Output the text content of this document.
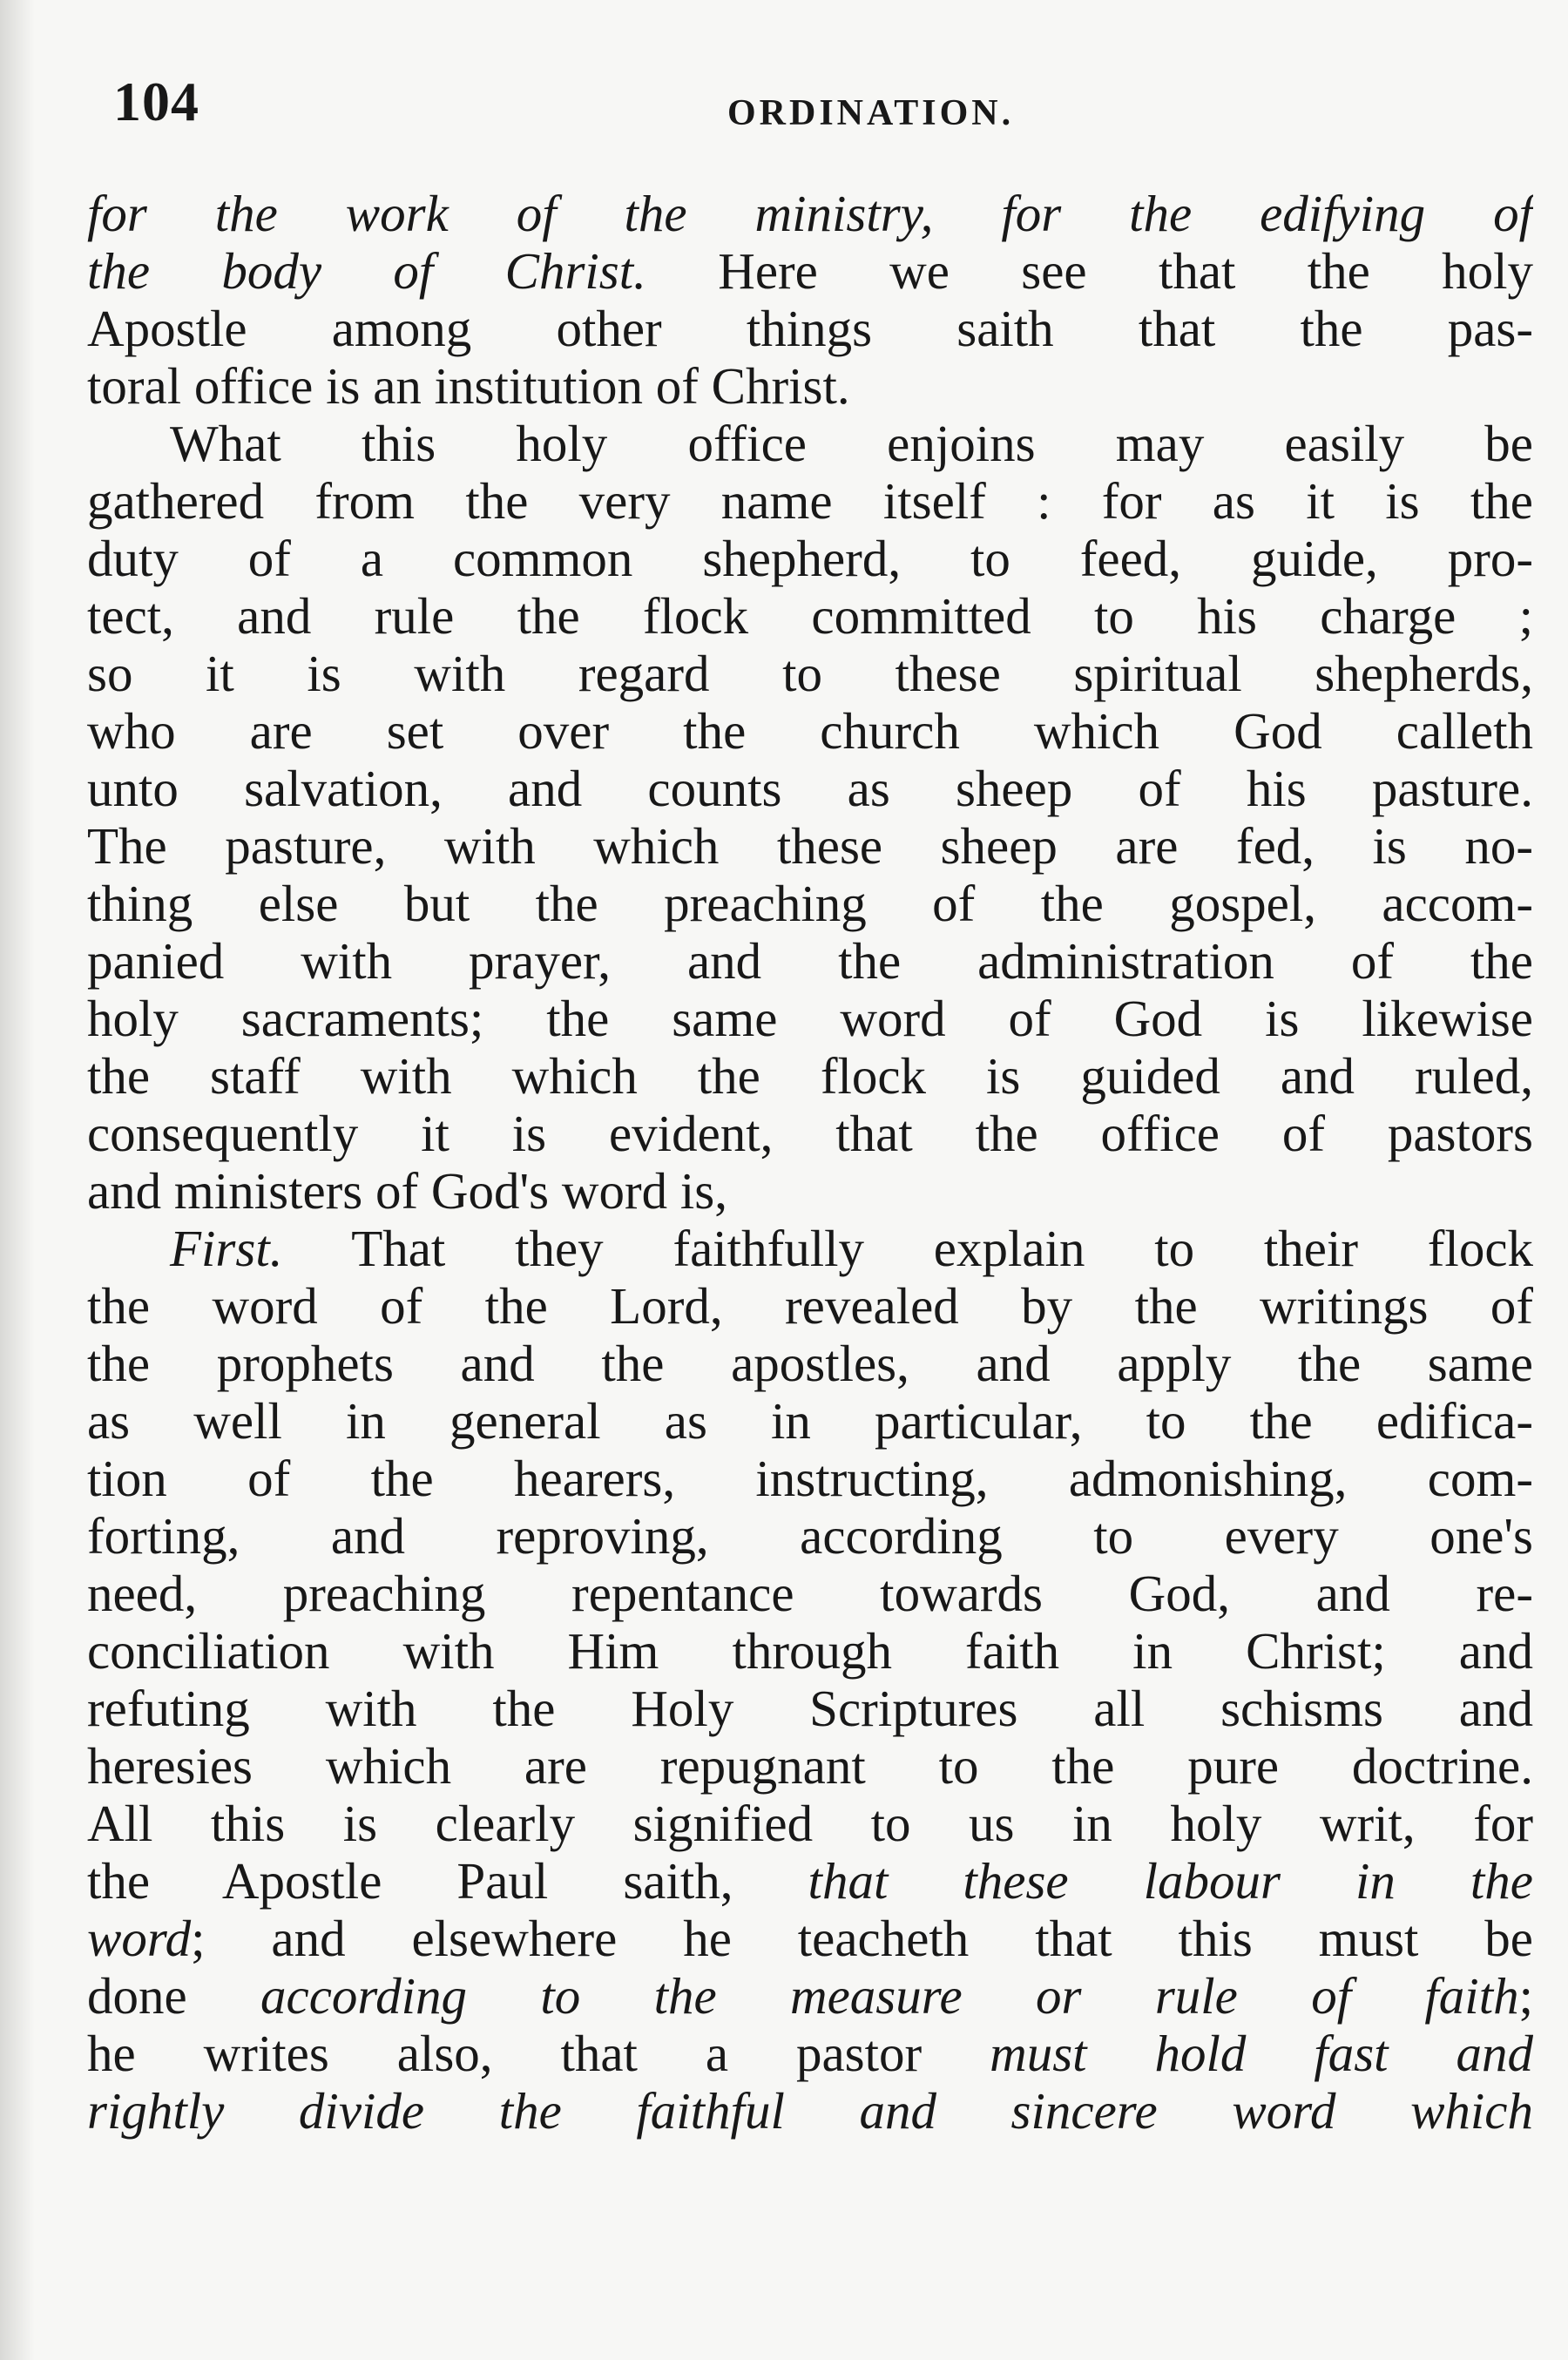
104	ORDINATION.
for the work of the ministry, for the edifying of
the body of Christ. Here we see that the holy
Apostle among other things saith that the pas-
toral office is an institution of Christ.
What this holy office enjoins may easily be
gathered from the very name itself : for as it is the
duty of a common shepherd, to feed, guide, pro-
tect, and rule the flock committed to his charge ;
so it is with regard to these spiritual shepherds,
who are set over the church which God calleth
unto salvation, and counts as sheep of his pasture.
The pasture, with which these sheep are fed, is no-
thing else but the preaching of the gospel, accom-
panied with prayer, and the administration of the
holy sacraments; the same word of God is likewise
the staff with which the flock is guided and ruled,
consequently it is evident, that the office of pastors
and ministers of God's word is,
First. That they faithfully explain to their flock
the word of the Lord, revealed by the writings of
the prophets and the apostles, and apply the same
as well in general as in particular, to the edifica-
tion of the hearers, instructing, admonishing, com-
forting, and reproving, according to every one's
need, preaching repentance towards God, and re-
conciliation with Him through faith in Christ; and
refuting with the Holy Scriptures all schisms and
heresies which are repugnant to the pure doctrine.
All this is clearly signified to us in holy writ, for
the Apostle Paul saith, that these labour in the
word; and elsewhere he teacheth that this must be
done according to the measure or rule of faith;
he writes also, that a pastor must hold fast and
rightly divide the faithful and sincere word which
